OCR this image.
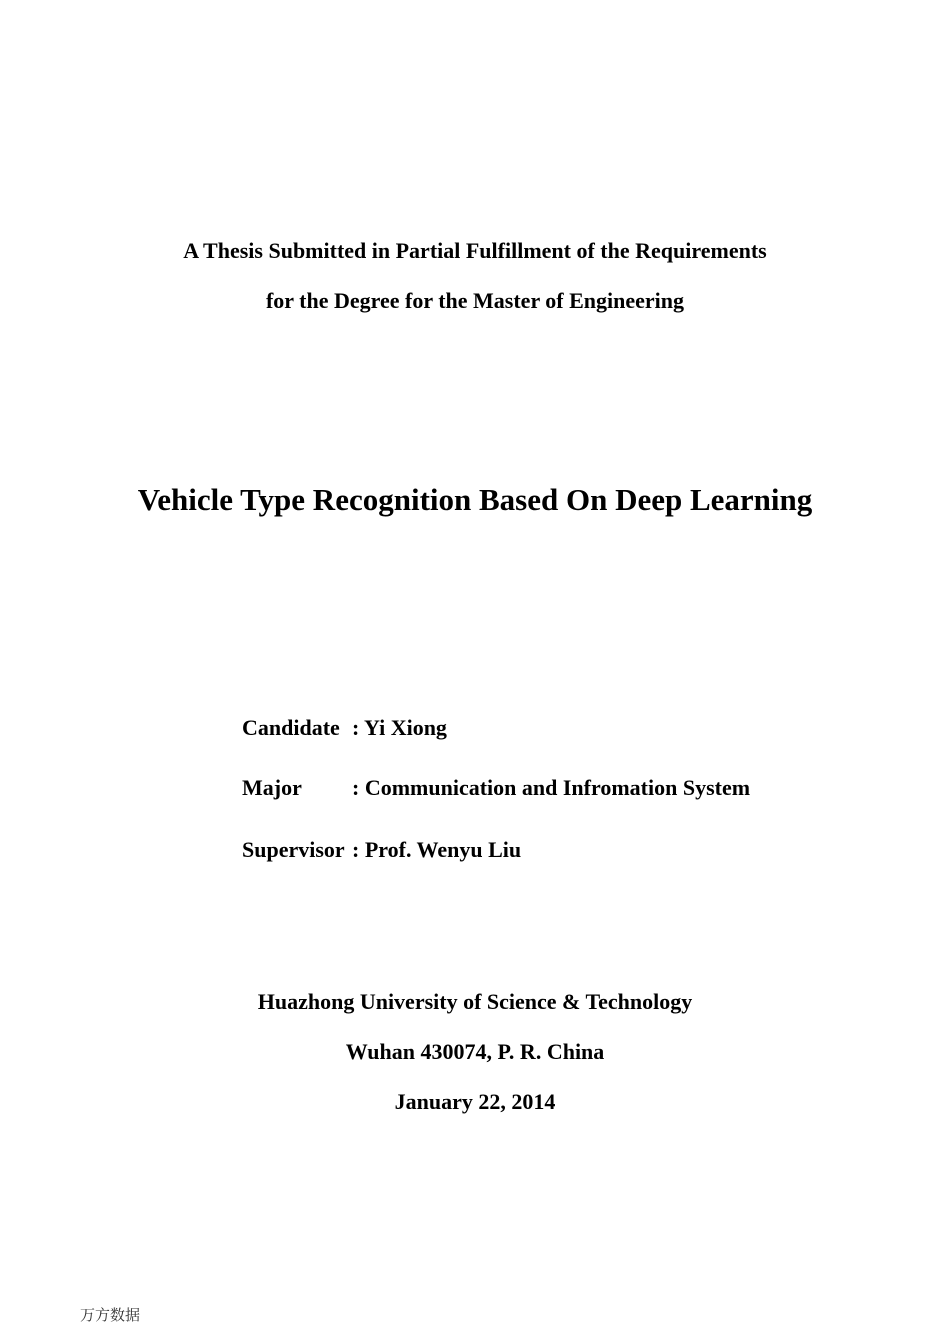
A Thesis Submitted in Partial Fulfillment of the Requirements
for the Degree for the Master of Engineering
Vehicle Type Recognition Based On Deep Learning
Candidate : Yi Xiong
Major : Communication and Infromation System
Supervisor : Prof. Wenyu Liu
Huazhong University of Science & Technology
Wuhan 430074, P. R. China
January 22, 2014
万方数据
